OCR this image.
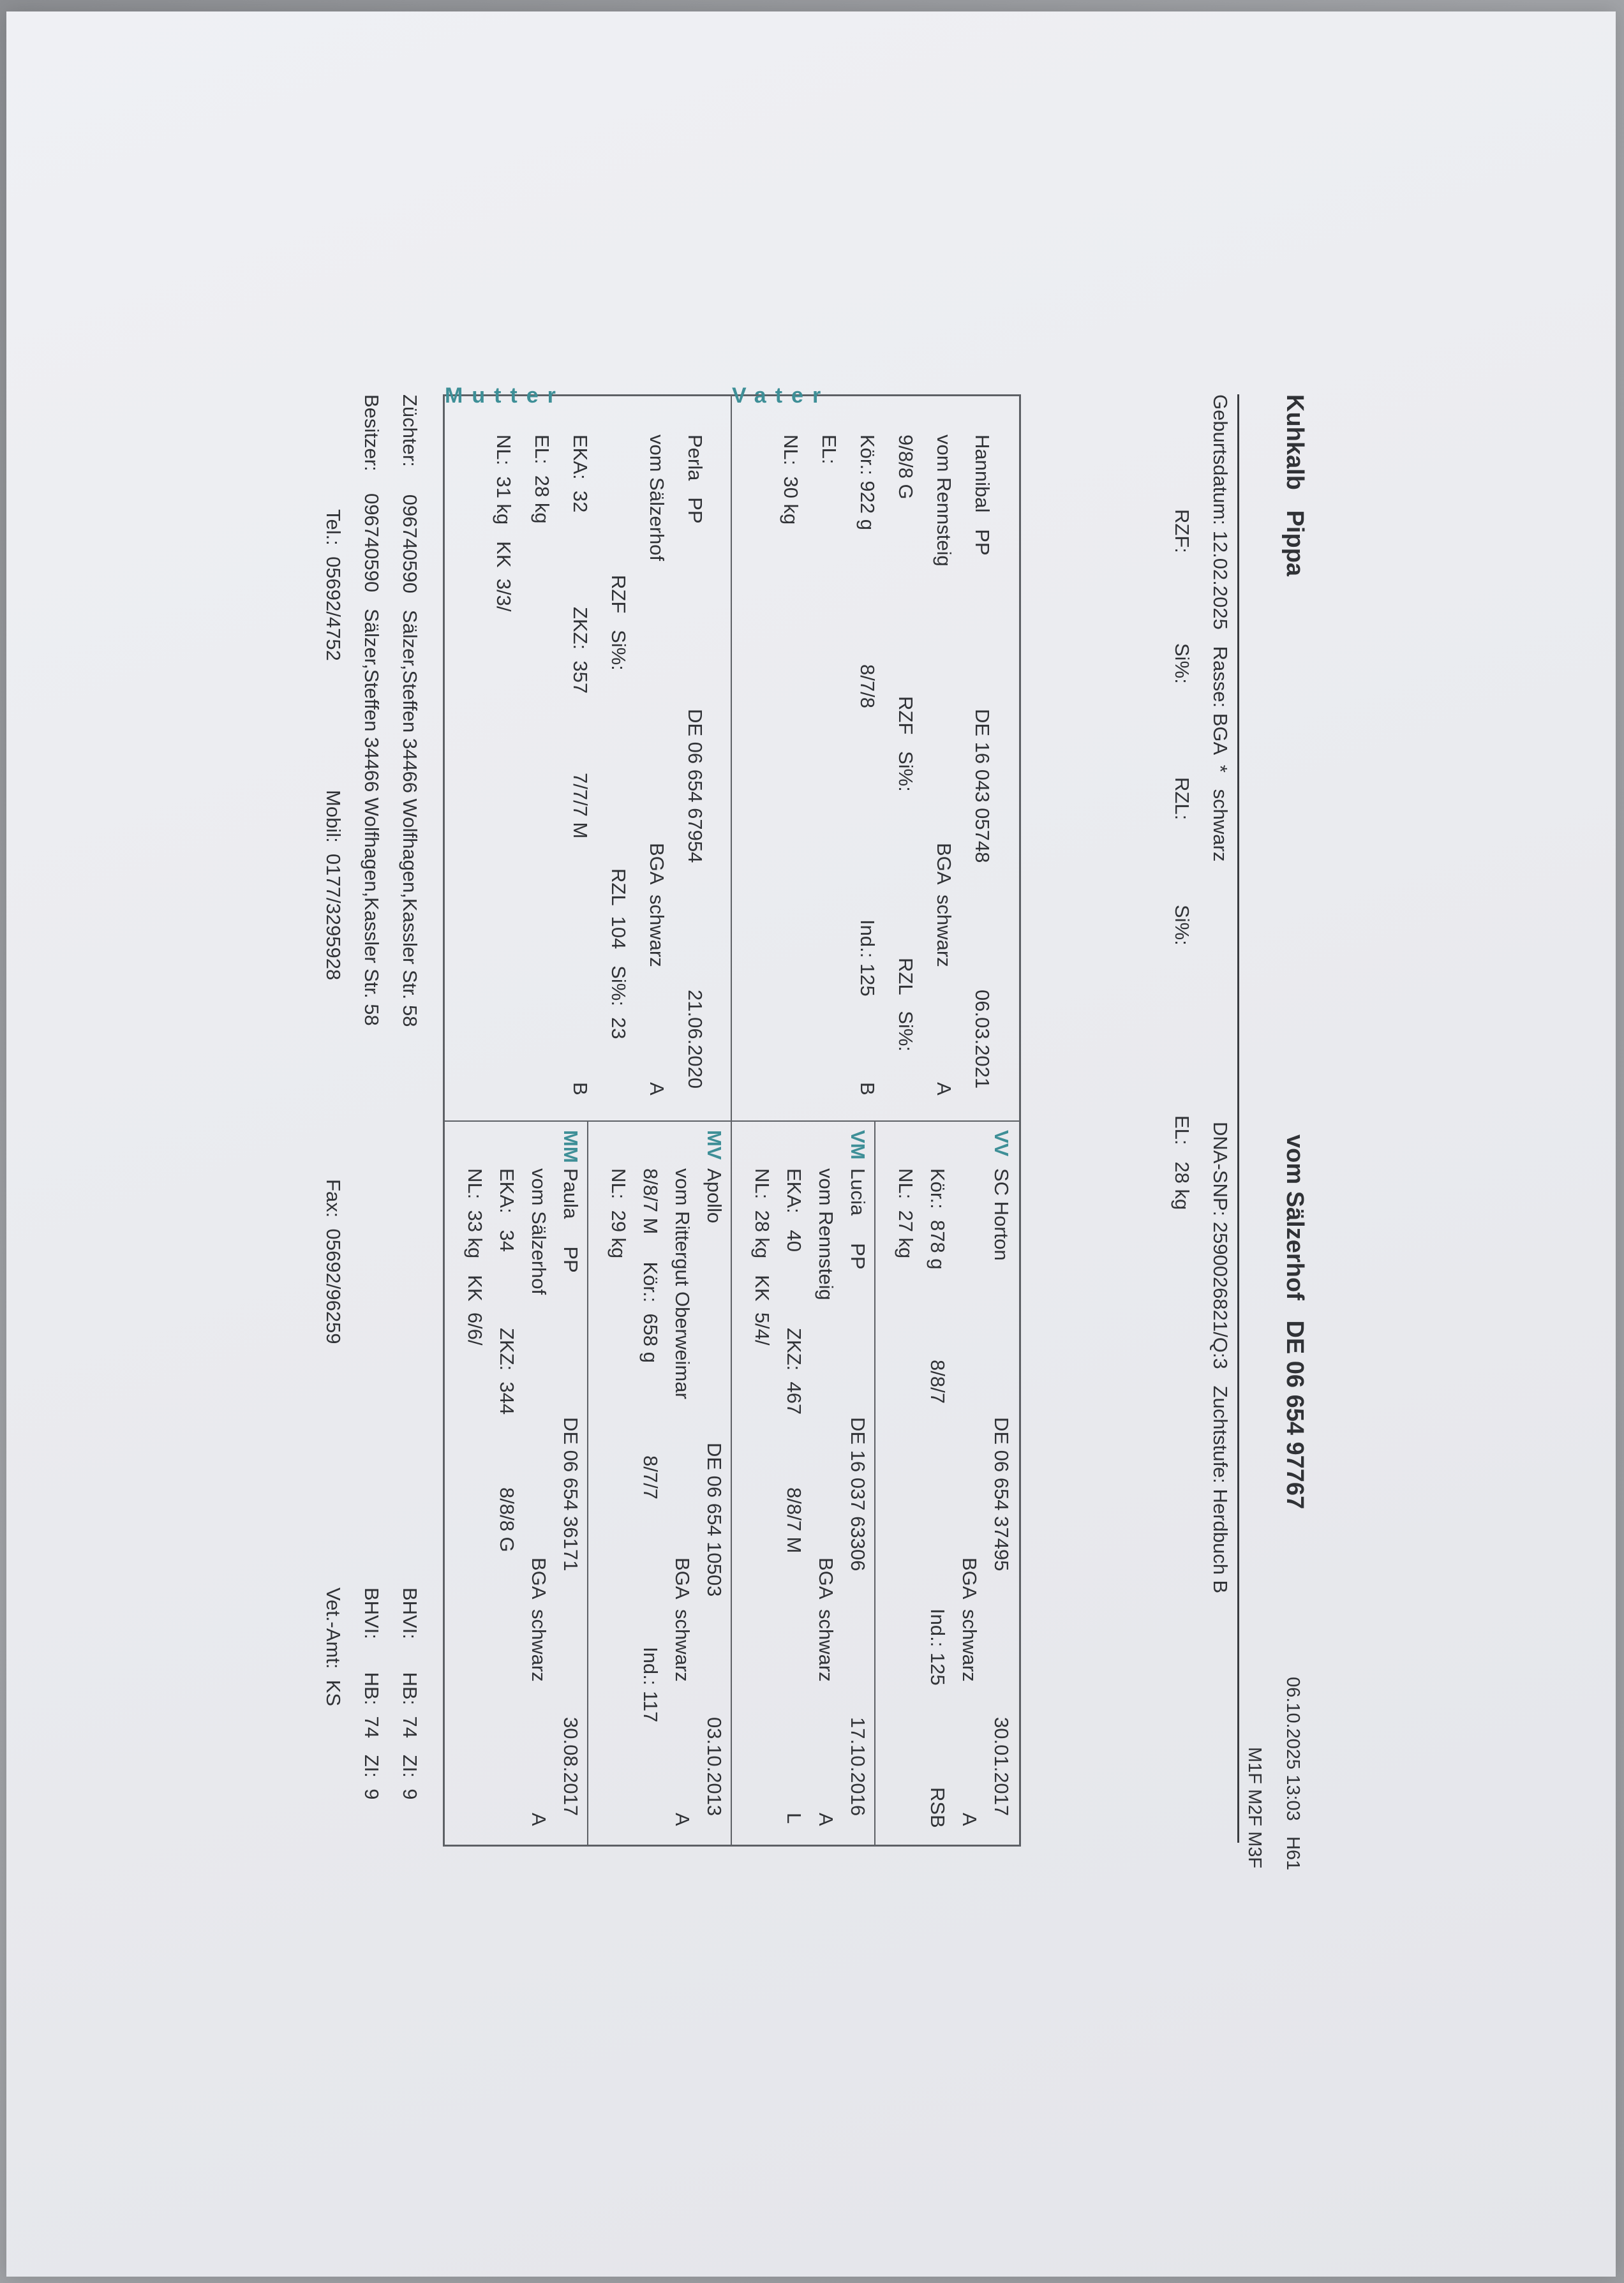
Kuhkalb   Pippa
vom Sälzerhof   DE 06 654 97767
06.10.2025 13:03   H61
M1F M2F M3F
Geburtsdatum: 12.02.2025   Rasse: BGA  *   schwarz
DNA-SNP: 2590026821/Q:3   Zuchtstufe: Herdbuch B
RZF:
Si%:
RZL:
Si%:
EL:   28 kg
Vater
Mutter
Hannibal   PP
DE 16 043 05748
06.03.2021
vom Rennsteig
BGA  schwarz
A
9/8/8 G
RZF   Si%:
RZL   Si%:
Kör.: 922 g
8/7/8
Ind.: 125
B
EL:
NL:  30 kg
Perla   PP
DE 06 654 67954
21.06.2020
vom Sälzerhof
BGA  schwarz
A
RZF   Si%:
RZL  104   Si%:  23
EKA:  32
ZKZ:  357
7/7/7 M
B
EL:  28 kg
NL:  31 kg   KK  3/3/
VV
SC Horton
DE 06 654 37495
30.01.2017
BGA  schwarz
A
Kör.:  878 g
8/8/7
Ind.: 125
RSB
NL:  27 kg
VM
Lucia     PP
DE 16 037 63306
17.10.2016
vom Rennsteig
BGA  schwarz
A
EKA:   40
ZKZ:  467
8/8/7 M
L
NL:  28 kg   KK  5/4/
MV
Apollo
DE 06 654 10503
03.10.2013
vom Rittergut Oberweimar
BGA  schwarz
A
8/8/7 M     Kör.:  658 g
8/7/7
Ind.: 117
NL:  29 kg
MM
Paula     PP
DE 06 654 36171
30.08.2017
vom Sälzerhof
BGA  schwarz
A
EKA:   34
ZKZ:  344
8/8/8 G
NL:  33 kg   KK  6/6/
Züchter:     096740590   Sälzer,Steffen 34466 Wolfhagen,Kassler Str. 58
BHVI:      HB:  74   ZI:  9
Besitzer:    096740590   Sälzer,Steffen 34466 Wolfhagen,Kassler Str. 58
BHVI:      HB:  74   ZI:  9
Tel.:  05692/4752
Mobil:  0177/3295928
Fax:  05692/96259
Vet.-Amt:  KS
